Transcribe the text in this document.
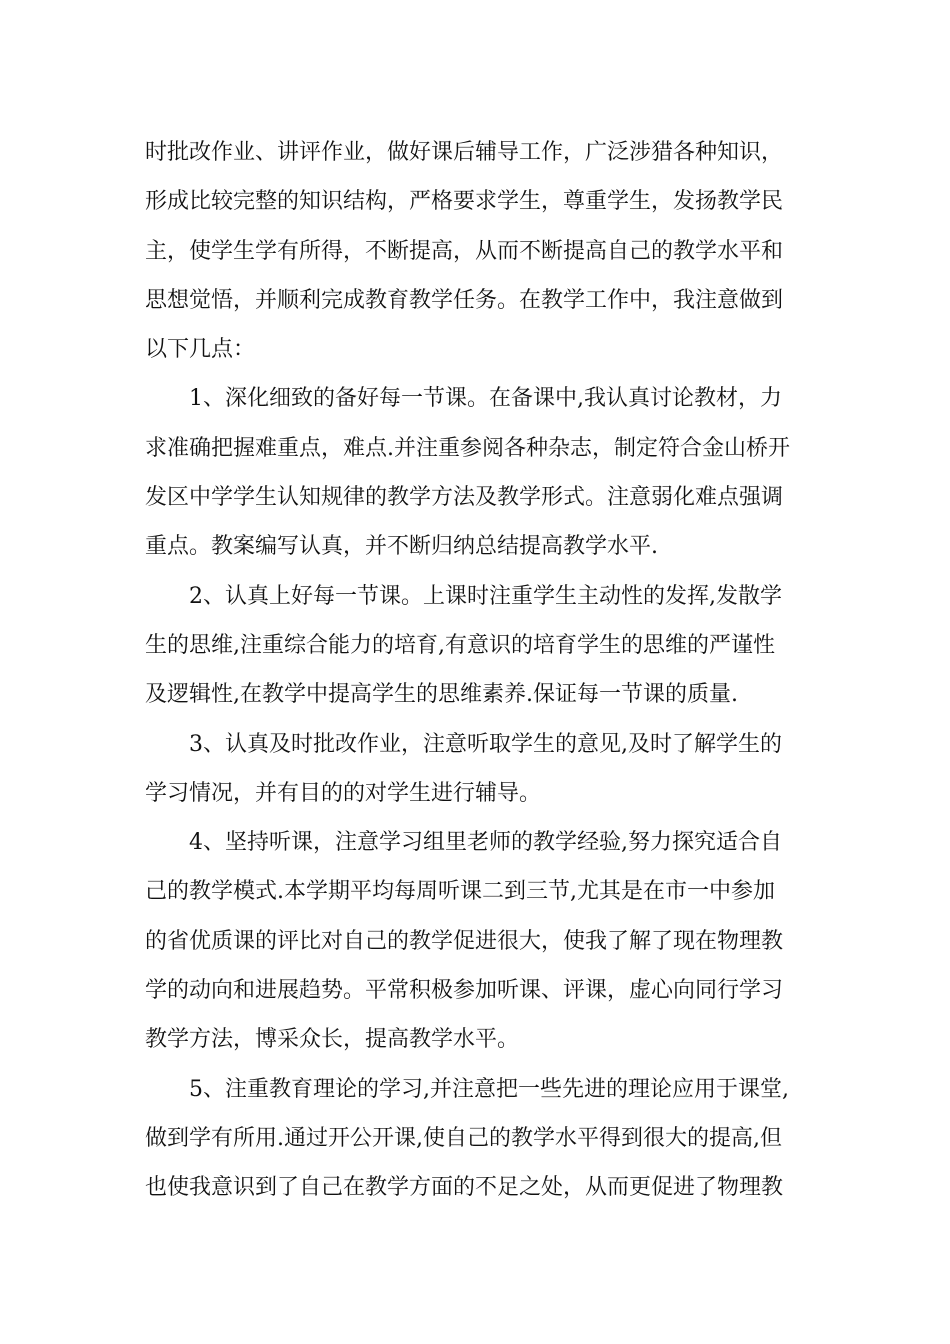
时批改作业、讲评作业，做好课后辅导工作，广泛涉猎各种知识，
形成比较完整的知识结构，严格要求学生，尊重学生，发扬教学民
主，使学生学有所得，不断提高，从而不断提高自己的教学水平和
思想觉悟，并顺利完成教育教学任务。在教学工作中，我注意做到
以下几点：
1、深化细致的备好每一节课。在备课中,我认真讨论教材，力
求准确把握难重点，难点.并注重参阅各种杂志，制定符合金山桥开
发区中学学生认知规律的教学方法及教学形式。注意弱化难点强调
重点。教案编写认真，并不断归纳总结提高教学水平.
2、认真上好每一节课。上课时注重学生主动性的发挥,发散学
生的思维,注重综合能力的培育,有意识的培育学生的思维的严谨性
及逻辑性,在教学中提高学生的思维素养.保证每一节课的质量.
3、认真及时批改作业，注意听取学生的意见,及时了解学生的
学习情况，并有目的的对学生进行辅导。
4、坚持听课，注意学习组里老师的教学经验,努力探究适合自
己的教学模式.本学期平均每周听课二到三节,尤其是在市一中参加
的省优质课的评比对自己的教学促进很大，使我了解了现在物理教
学的动向和进展趋势。平常积极参加听课、评课，虚心向同行学习
教学方法，博采众长，提高教学水平。
5、注重教育理论的学习,并注意把一些先进的理论应用于课堂,
做到学有所用.通过开公开课,使自己的教学水平得到很大的提高,但
也使我意识到了自己在教学方面的不足之处，从而更促进了物理教
